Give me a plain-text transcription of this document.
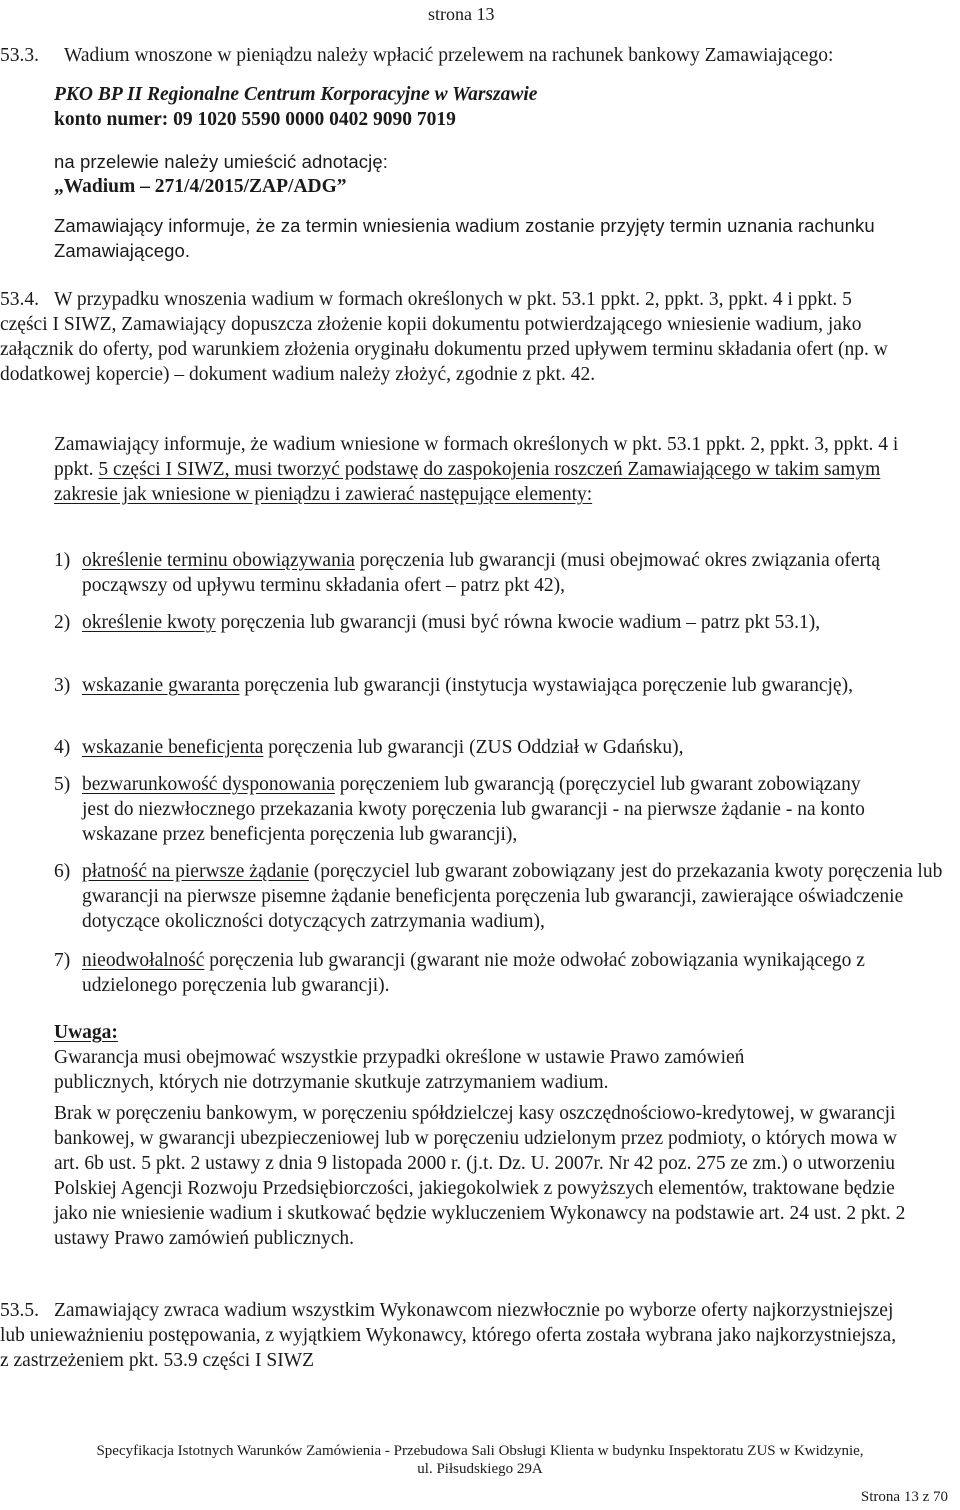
strona 13
53.3. Wadium wnoszone w pieniądzu należy wpłacić przelewem na rachunek bankowy Zamawiającego:
PKO BP II Regionalne Centrum Korporacyjne w Warszawie
konto numer: 09 1020 5590 0000 0402 9090 7019
na przelewie należy umieścić adnotację:
„Wadium – 271/4/2015/ZAP/ADG”
Zamawiający informuje, że za termin wniesienia wadium zostanie przyjęty termin uznania rachunku Zamawiającego.
53.4. W przypadku wnoszenia wadium w formach określonych w pkt. 53.1 ppkt. 2, ppkt. 3, ppkt. 4 i ppkt. 5 części I SIWZ, Zamawiający dopuszcza złożenie kopii dokumentu potwierdzającego wniesienie wadium, jako załącznik do oferty, pod warunkiem złożenia oryginału dokumentu przed upływem terminu składania ofert (np. w dodatkowej kopercie) – dokument wadium należy złożyć, zgodnie z pkt. 42.
Zamawiający informuje, że wadium wniesione w formach określonych w pkt. 53.1 ppkt. 2, ppkt. 3, ppkt. 4 i ppkt. 5 części I SIWZ, musi tworzyć podstawę do zaspokojenia roszczeń Zamawiającego w takim samym zakresie jak wniesione w pieniądzu i zawierać następujące elementy:
1) określenie terminu obowiązywania poręczenia lub gwarancji (musi obejmować okres związania ofertą począwszy od upływu terminu składania ofert – patrz pkt 42),
2) określenie kwoty poręczenia lub gwarancji (musi być równa kwocie wadium – patrz pkt 53.1),
3) wskazanie gwaranta poręczenia lub gwarancji (instytucja wystawiająca poręczenie lub gwarancję),
4) wskazanie beneficjenta poręczenia lub gwarancji (ZUS Oddział w Gdańsku),
5) bezwarunkowość dysponowania poręczeniem lub gwarancją (poręczyciel lub gwarant zobowiązany jest do niezwłocznego przekazania kwoty poręczenia lub gwarancji - na pierwsze żądanie - na konto wskazane przez beneficjenta poręczenia lub gwarancji),
6) płatność na pierwsze żądanie (poręczyciel lub gwarant zobowiązany jest do przekazania kwoty poręczenia lub gwarancji na pierwsze pisemne żądanie beneficjenta poręczenia lub gwarancji, zawierające oświadczenie dotyczące okoliczności dotyczących zatrzymania wadium),
7) nieodwołalność poręczenia lub gwarancji (gwarant nie może odwołać zobowiązania wynikającego z udzielonego poręczenia lub gwarancji).
Uwaga:
Gwarancja musi obejmować wszystkie przypadki określone w ustawie Prawo zamówień publicznych, których nie dotrzymanie skutkuje zatrzymaniem wadium.
Brak w poręczeniu bankowym, w poręczeniu spółdzielczej kasy oszczędnościowo-kredytowej, w gwarancji bankowej, w gwarancji ubezpieczeniowej lub w poręczeniu udzielonym przez podmioty, o których mowa w art. 6b ust. 5 pkt. 2 ustawy z dnia 9 listopada 2000 r. (j.t. Dz. U. 2007r. Nr 42 poz. 275 ze zm.) o utworzeniu Polskiej Agencji Rozwoju Przedsiębiorczości, jakiegokolwiek z powyższych elementów, traktowane będzie jako nie wniesienie wadium i skutkować będzie wykluczeniem Wykonawcy na podstawie art. 24 ust. 2 pkt. 2 ustawy Prawo zamówień publicznych.
53.5. Zamawiający zwraca wadium wszystkim Wykonawcom niezwłocznie po wyborze oferty najkorzystniejszej lub unieważnieniu postępowania, z wyjątkiem Wykonawcy, którego oferta została wybrana jako najkorzystniejsza, z zastrzeżeniem pkt. 53.9 części I SIWZ
Specyfikacja Istotnych Warunków Zamówienia - Przebudowa Sali Obsługi Klienta w budynku Inspektoratu ZUS w Kwidzynie,
ul. Piłsudskiego 29A
Strona 13 z 70
